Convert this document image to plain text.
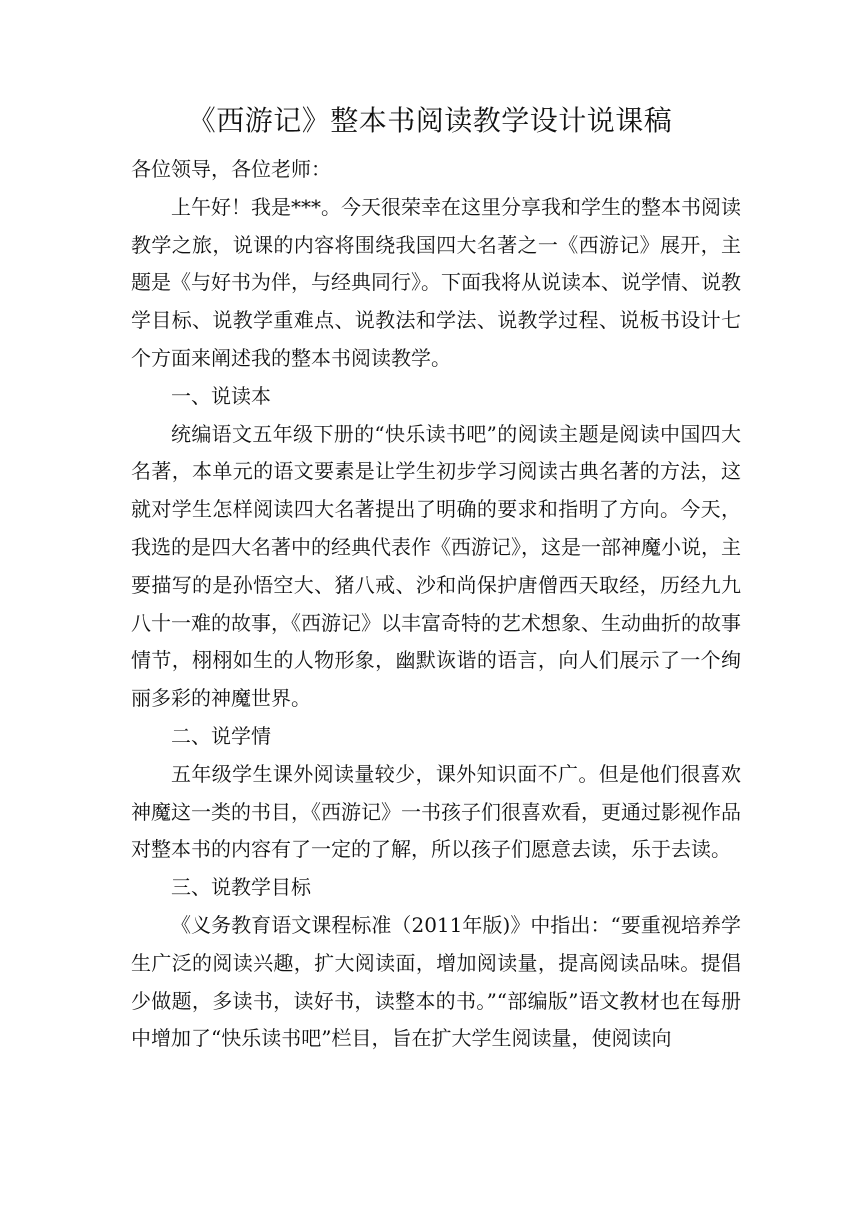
《西游记》整本书阅读教学设计说课稿

各位领导，各位老师：

上午好！我是***。今天很荣幸在这里分享我和学生的整本书阅读教学之旅，说课的内容将围绕我国四大名著之一《西游记》展开，主题是《与好书为伴，与经典同行》。下面我将从说读本、说学情、说教学目标、说教学重难点、说教法和学法、说教学过程、说板书设计七个方面来阐述我的整本书阅读教学。

一、说读本

统编语文五年级下册的“快乐读书吧”的阅读主题是阅读中国四大名著，本单元的语文要素是让学生初步学习阅读古典名著的方法，这就对学生怎样阅读四大名著提出了明确的要求和指明了方向。今天，我选的是四大名著中的经典代表作《西游记》，这是一部神魔小说，主要描写的是孙悟空大、猪八戒、沙和尚保护唐僧西天取经，历经九九八十一难的故事，《西游记》以丰富奇特的艺术想象、生动曲折的故事情节，栩栩如生的人物形象，幽默诙谐的语言，向人们展示了一个绚丽多彩的神魔世界。

二、说学情

五年级学生课外阅读量较少，课外知识面不广。但是他们很喜欢神魔这一类的书目，《西游记》一书孩子们很喜欢看，更通过影视作品对整本书的内容有了一定的了解，所以孩子们愿意去读，乐于去读。

三、说教学目标

《义务教育语文课程标准（2011年版)》中指出：“要重视培养学生广泛的阅读兴趣，扩大阅读面，增加阅读量，提高阅读品味。提倡少做题，多读书，读好书，读整本的书。”“部编版”语文教材也在每册中增加了“快乐读书吧”栏目，旨在扩大学生阅读量，使阅读向
